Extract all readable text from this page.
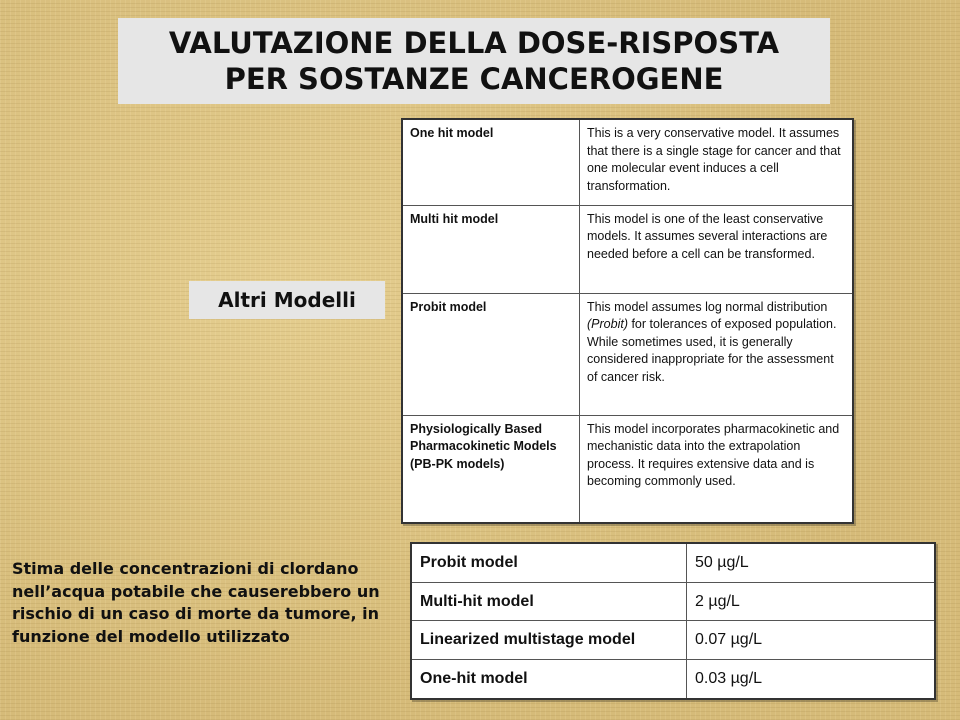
VALUTAZIONE DELLA DOSE-RISPOSTA
PER SOSTANZE CANCEROGENE
Altri Modelli
One hit model	This is a very conservative model. It assumes that there is a single stage for cancer and that one molecular event induces a cell transformation.
Multi hit model	This model is one of the least conservative models. It assumes several interactions are needed before a cell can be transformed.
Probit model	This model assumes log normal distribution (Probit) for tolerances of exposed population. While sometimes used, it is generally considered inappropriate for the assessment of cancer risk.
Physiologically Based Pharmacokinetic Models (PB-PK models)	This model incorporates pharmacokinetic and mechanistic data into the extrapolation process. It requires extensive data and is becoming commonly used.
Probit model	50 µg/L
Multi-hit model	2 µg/L
Linearized multistage model	0.07 µg/L
One-hit model	0.03 µg/L
Stima delle concentrazioni di clordano nell’acqua potabile che causerebbero un rischio di un caso di morte da tumore, in funzione del modello utilizzato
